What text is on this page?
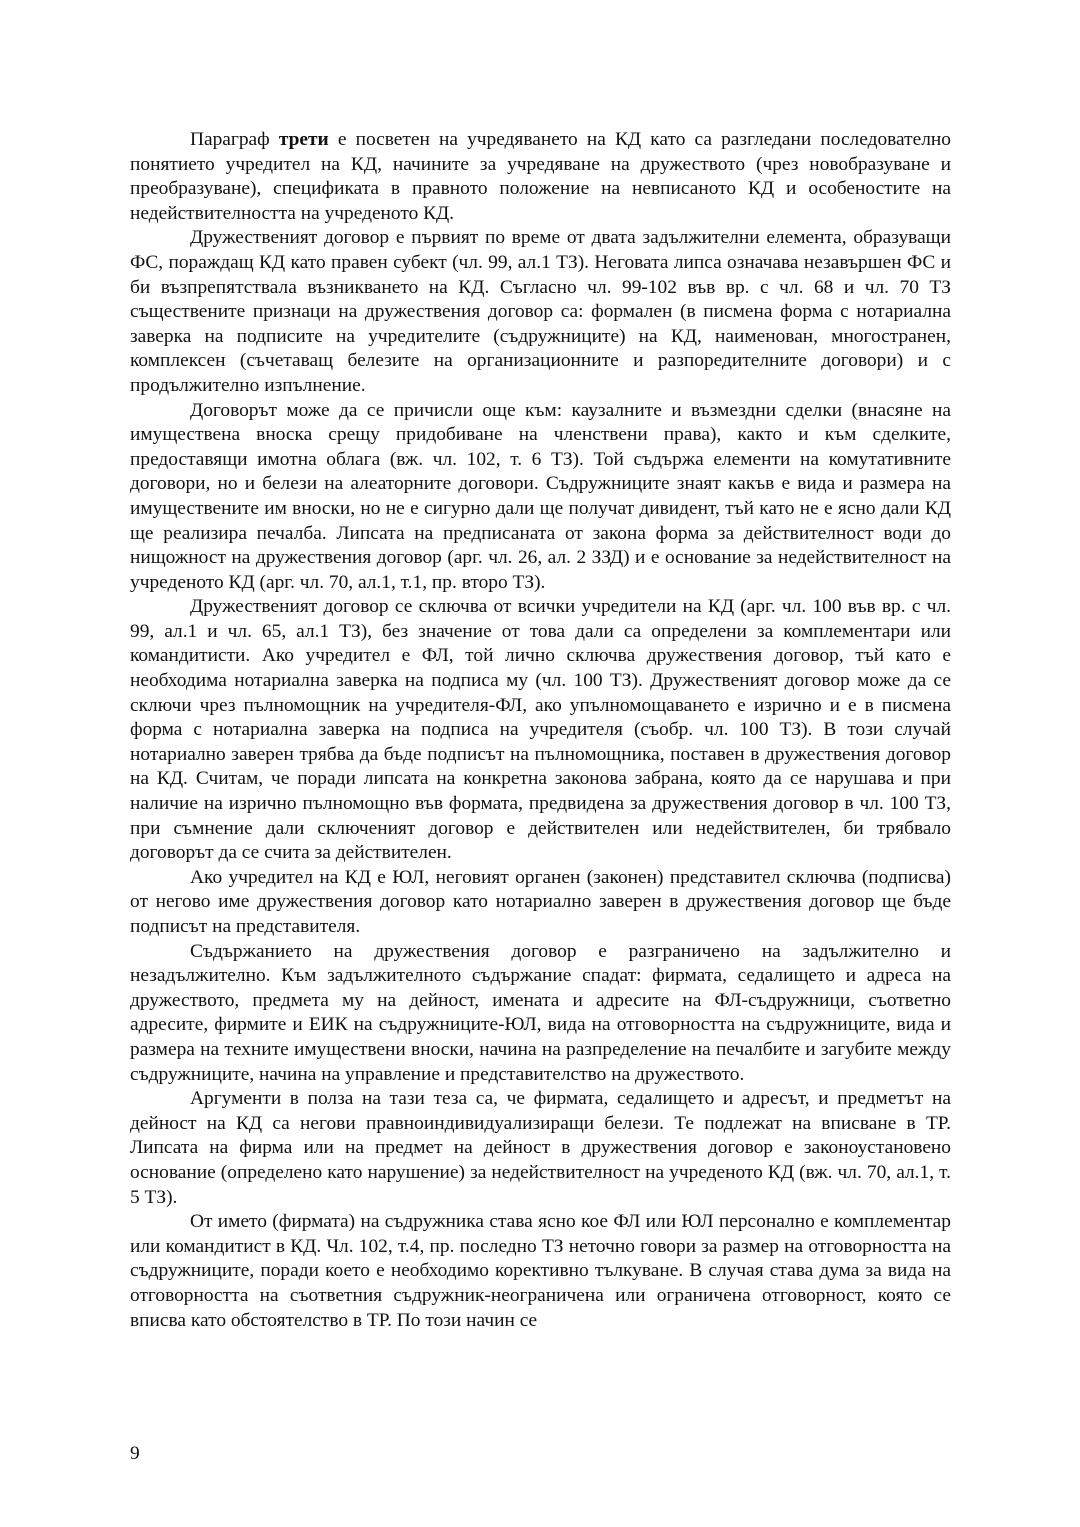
Параграф трети е посветен на учредяването на КД като са разгледани последователно понятието учредител на КД, начините за учредяване на дружеството (чрез новобразуване и преобразуване), спецификата в правното положение на невписаното КД и особеностите на недействителността на учреденото КД.

Дружественият договор е първият по време от двата задължителни елемента, образуващи ФС, пораждащ КД като правен субект (чл. 99, ал.1 ТЗ). Неговата липса означава незавършен ФС и би възпрепятствала възникването на КД. Съгласно чл. 99-102 във вр. с чл. 68 и чл. 70 ТЗ съществените признаци на дружествения договор са: формален (в писмена форма с нотариална заверка на подписите на учредителите (съдружниците) на КД, наименован, многостранен, комплексен (съчетаващ белезите на организационните и разпоредителните договори) и с продължително изпълнение.

Договорът може да се причисли още към: каузалните и възмездни сделки (внасяне на имуществена вноска срещу придобиване на членствени права), както и към сделките, предоставящи имотна облага (вж. чл. 102, т. 6 ТЗ). Той съдържа елементи на комутативните договори, но и белези на алеаторните договори. Съдружниците знаят какъв е вида и размера на имуществените им вноски, но не е сигурно дали ще получат дивидент, тъй като не е ясно дали КД ще реализира печалба. Липсата на предписаната от закона форма за действителност води до нищожност на дружествения договор (арг. чл. 26, ал. 2 ЗЗД) и е основание за недействителност на учреденото КД (арг. чл. 70, ал.1, т.1, пр. второ ТЗ).

Дружественият договор се сключва от всички учредители на КД (арг. чл. 100 във вр. с чл. 99, ал.1 и чл. 65, ал.1 ТЗ), без значение от това дали са определени за комплементари или командитисти. Ако учредител е ФЛ, той лично сключва дружествения договор, тъй като е необходима нотариална заверка на подписа му (чл. 100 ТЗ). Дружественият договор може да се сключи чрез пълномощник на учредителя-ФЛ, ако упълномощаването е изрично и е в писмена форма с нотариална заверка на подписа на учредителя (съобр. чл. 100 ТЗ). В този случай нотариално заверен трябва да бъде подписът на пълномощника, поставен в дружествения договор на КД. Считам, че поради липсата на конкретна законова забрана, която да се нарушава и при наличие на изрично пълномощно във формата, предвидена за дружествения договор в чл. 100 ТЗ, при съмнение дали сключеният договор е действителен или недействителен, би трябвало договорът да се счита за действителен.

Ако учредител на КД е ЮЛ, неговият органен (законен) представител сключва (подписва) от негово име дружествения договор като нотариално заверен в дружествения договор ще бъде подписът на представителя.

Съдържанието на дружествения договор е разграничено на задължително и незадължително. Към задължителното съдържание спадат: фирмата, седалището и адреса на дружеството, предмета му на дейност, имената и адресите на ФЛ-съдружници, съответно адресите, фирмите и ЕИК на съдружниците-ЮЛ, вида на отговорността на съдружниците, вида и размера на техните имуществени вноски, начина на разпределение на печалбите и загубите между съдружниците, начина на управление и представителство на дружеството.

Аргументи в полза на тази теза са, че фирмата, седалището и адресът, и предметът на дейност на КД са негови правноиндивидуализиращи белези. Те подлежат на вписване в ТР. Липсата на фирма или на предмет на дейност в дружествения договор е законоустановено основание (определено като нарушение) за недействителност на учреденото КД (вж. чл. 70, ал.1, т. 5 ТЗ).

От името (фирмата) на съдружника става ясно кое ФЛ или ЮЛ персонално е комплементар или командитист в КД. Чл. 102, т.4, пр. последно ТЗ неточно говори за размер на отговорността на съдружниците, поради което е необходимо корективно тълкуване. В случая става дума за вида на отговорността на съответния съдружник-неограничена или ограничена отговорност, която се вписва като обстоятелство в ТР. По този начин се

9
